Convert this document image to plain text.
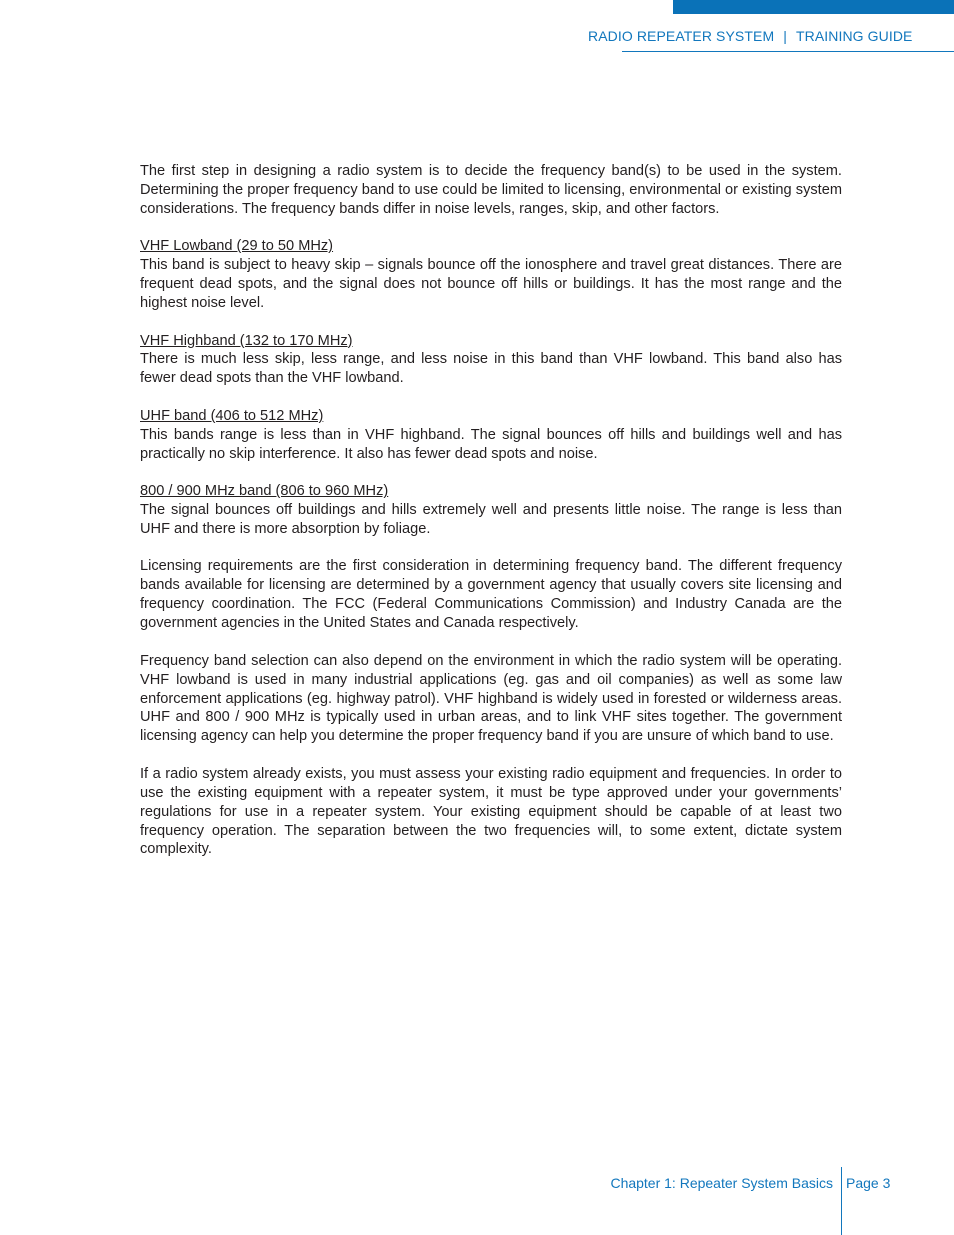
RADIO REPEATER SYSTEM | TRAINING GUIDE

The first step in designing a radio system is to decide the frequency band(s) to be used in the system. Determining the proper frequency band to use could be limited to licensing, environmental or existing system considerations. The frequency bands differ in noise levels, ranges, skip, and other factors.

VHF Lowband (29 to 50 MHz)
This band is subject to heavy skip – signals bounce off the ionosphere and travel great distances. There are frequent dead spots, and the signal does not bounce off hills or buildings. It has the most range and the highest noise level.

VHF Highband (132 to 170 MHz)
There is much less skip, less range, and less noise in this band than VHF lowband. This band also has fewer dead spots than the VHF lowband.

UHF band (406 to 512 MHz)
This bands range is less than in VHF highband. The signal bounces off hills and buildings well and has practically no skip interference. It also has fewer dead spots and noise.

800 / 900 MHz band (806 to 960 MHz)
The signal bounces off buildings and hills extremely well and presents little noise. The range is less than UHF and there is more absorption by foliage.

Licensing requirements are the first consideration in determining frequency band. The different frequency bands available for licensing are determined by a government agency that usually covers site licensing and frequency coordination. The FCC (Federal Communications Commission) and Industry Canada are the government agencies in the United States and Canada respectively.

Frequency band selection can also depend on the environment in which the radio system will be operating. VHF lowband is used in many industrial applications (eg. gas and oil companies) as well as some law enforcement applications (eg. highway patrol). VHF highband is widely used in forested or wilderness areas. UHF and 800 / 900 MHz is typically used in urban areas, and to link VHF sites together. The government licensing agency can help you determine the proper frequency band if you are unsure of which band to use.

If a radio system already exists, you must assess your existing radio equipment and frequencies. In order to use the existing equipment with a repeater system, it must be type approved under your governments’ regulations for use in a repeater system. Your existing equipment should be capable of at least two frequency operation. The separation between the two frequencies will, to some extent, dictate system complexity.

Chapter 1: Repeater System Basics Page 3
